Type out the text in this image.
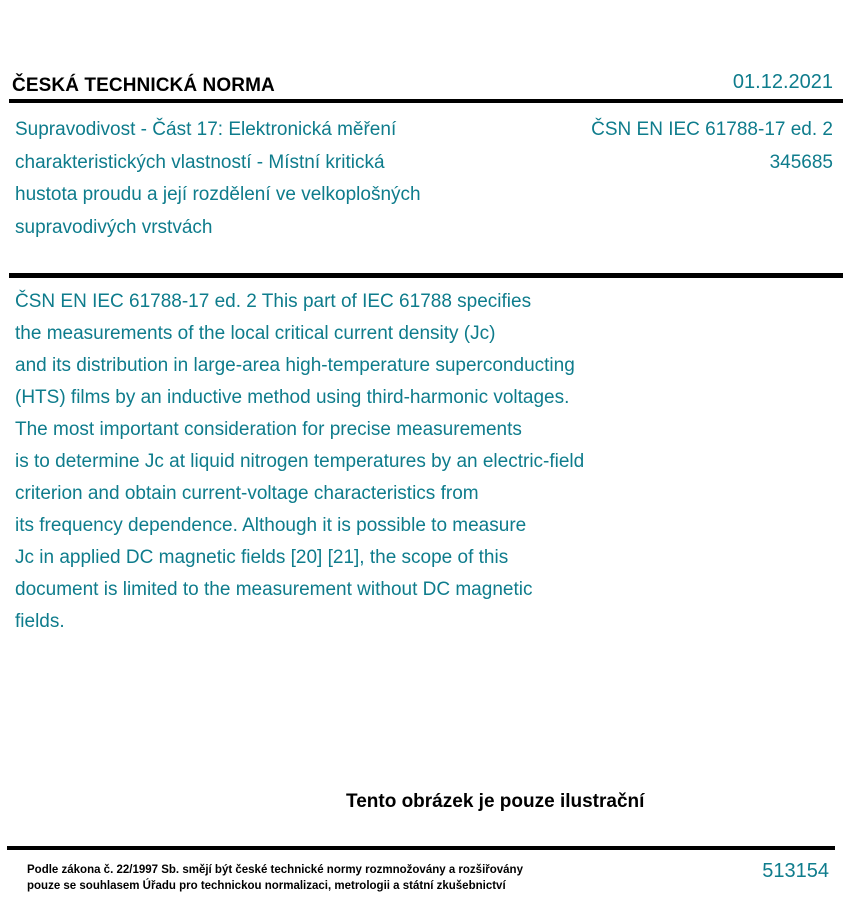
ČESKÁ TECHNICKÁ NORMA	01.12.2021
Supravodivost - Část 17: Elektronická měření
charakteristických vlastností - Místní kritická
hustota proudu a její rozdělení ve velkoplošných
supravodivých vrstvách
ČSN EN IEC 61788-17 ed. 2
345685
ČSN EN IEC 61788-17 ed. 2 This part of IEC 61788 specifies
the measurements of the local critical current density (Jc)
and its distribution in large-area high-temperature superconducting
(HTS) films by an inductive method using third-harmonic voltages.
The most important consideration for precise measurements
is to determine Jc at liquid nitrogen temperatures by an electric-field
criterion and obtain current-voltage characteristics from
its frequency dependence. Although it is possible to measure
Jc in applied DC magnetic fields [20] [21], the scope of this
document is limited to the measurement without DC magnetic
fields.
Tento obrázek je pouze ilustrační
Podle zákona č. 22/1997 Sb. smějí být české technické normy rozmnožovány a rozšiřovány
pouze se souhlasem Úřadu pro technickou normalizaci, metrologii a státní zkušebnictví
513154
